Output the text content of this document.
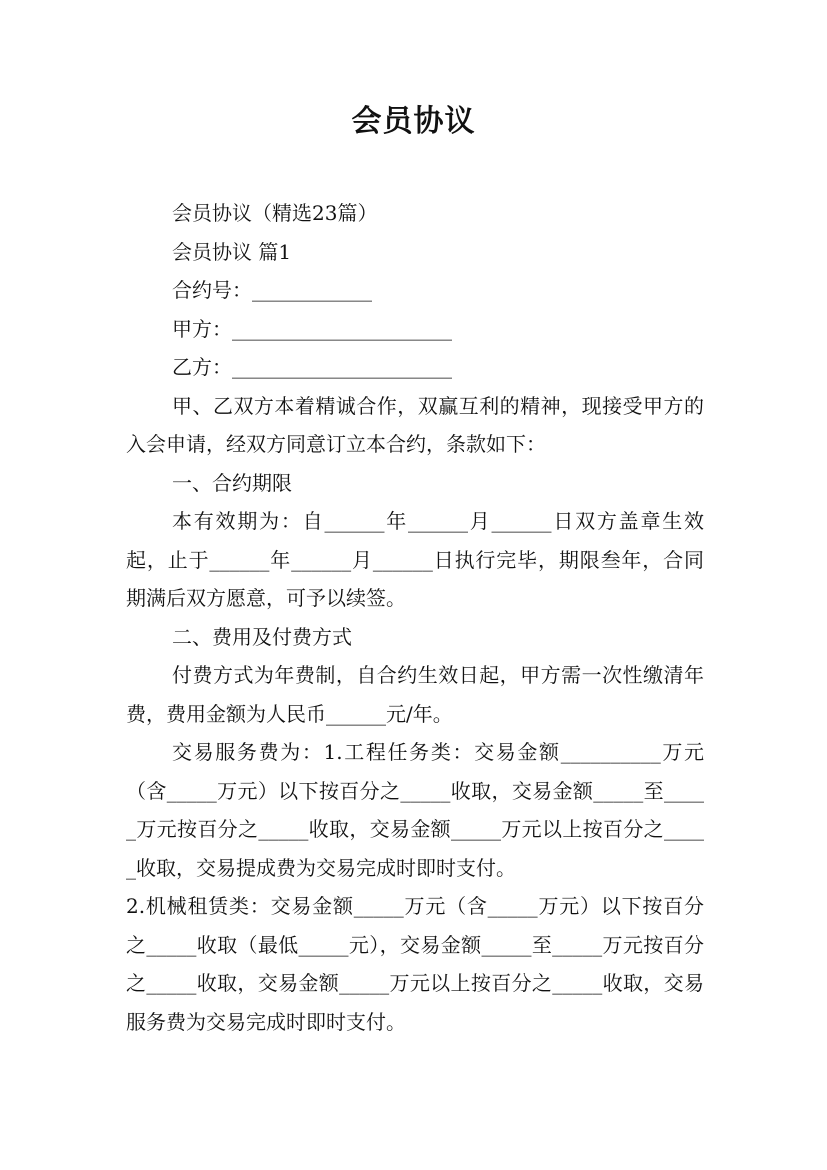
会员协议

会员协议（精选23篇）

会员协议 篇1

合约号：____________

甲方：______________________

乙方：______________________

甲、乙双方本着精诚合作，双赢互利的精神，现接受甲方的入会申请，经双方同意订立本合约，条款如下：

一、合约期限

本有效期为：自______年______月______日双方盖章生效起，止于______年______月______日执行完毕，期限叁年，合同期满后双方愿意，可予以续签。

二、费用及付费方式

付费方式为年费制，自合约生效日起，甲方需一次性缴清年费，费用金额为人民币______元/年。

交易服务费为：1.工程任务类：交易金额__________万元（含_____万元）以下按百分之_____收取，交易金额_____至_____万元按百分之_____收取，交易金额_____万元以上按百分之_____收取，交易提成费为交易完成时即时支付。

2.机械租赁类：交易金额_____万元（含_____万元）以下按百分之_____收取（最低_____元），交易金额_____至_____万元按百分之_____收取，交易金额_____万元以上按百分之_____收取，交易服务费为交易完成时即时支付。
